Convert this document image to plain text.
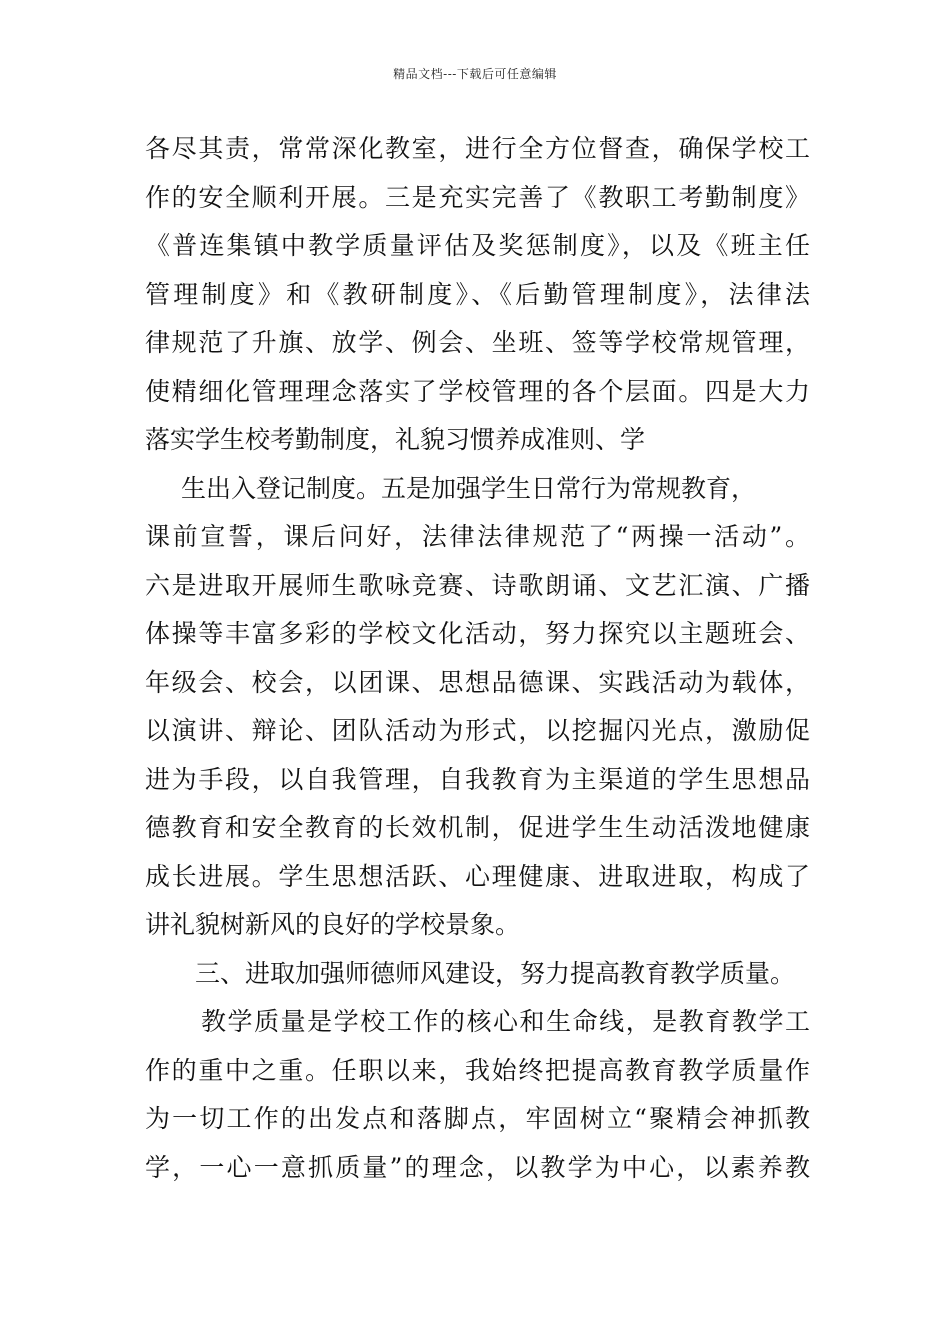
精品文档---下载后可任意编辑
各尽其责，常常深化教室，进行全方位督查，确保学校工
作的安全顺利开展。三是充实完善了《教职工考勤制度》
《普连集镇中教学质量评估及奖惩制度》，以及《班主任
管理制度》和《教研制度》、《后勤管理制度》，法律法
律规范了升旗、放学、例会、坐班、签等学校常规管理，
使精细化管理理念落实了学校管理的各个层面。四是大力
落实学生校考勤制度，礼貌习惯养成准则、学
生出入登记制度。五是加强学生日常行为常规教育，
课前宣誓，课后问好，法律法律规范了“两操一活动”。
六是进取开展师生歌咏竞赛、诗歌朗诵、文艺汇演、广播
体操等丰富多彩的学校文化活动，努力探究以主题班会、
年级会、校会，以团课、思想品德课、实践活动为载体，
以演讲、辩论、团队活动为形式，以挖掘闪光点，激励促
进为手段，以自我管理，自我教育为主渠道的学生思想品
德教育和安全教育的长效机制，促进学生生动活泼地健康
成长进展。学生思想活跃、心理健康、进取进取，构成了
讲礼貌树新风的良好的学校景象。
三、进取加强师德师风建设，努力提高教育教学质量。
教学质量是学校工作的核心和生命线，是教育教学工
作的重中之重。任职以来，我始终把提高教育教学质量作
为一切工作的出发点和落脚点，牢固树立“聚精会神抓教
学，一心一意抓质量”的理念，以教学为中心，以素养教
